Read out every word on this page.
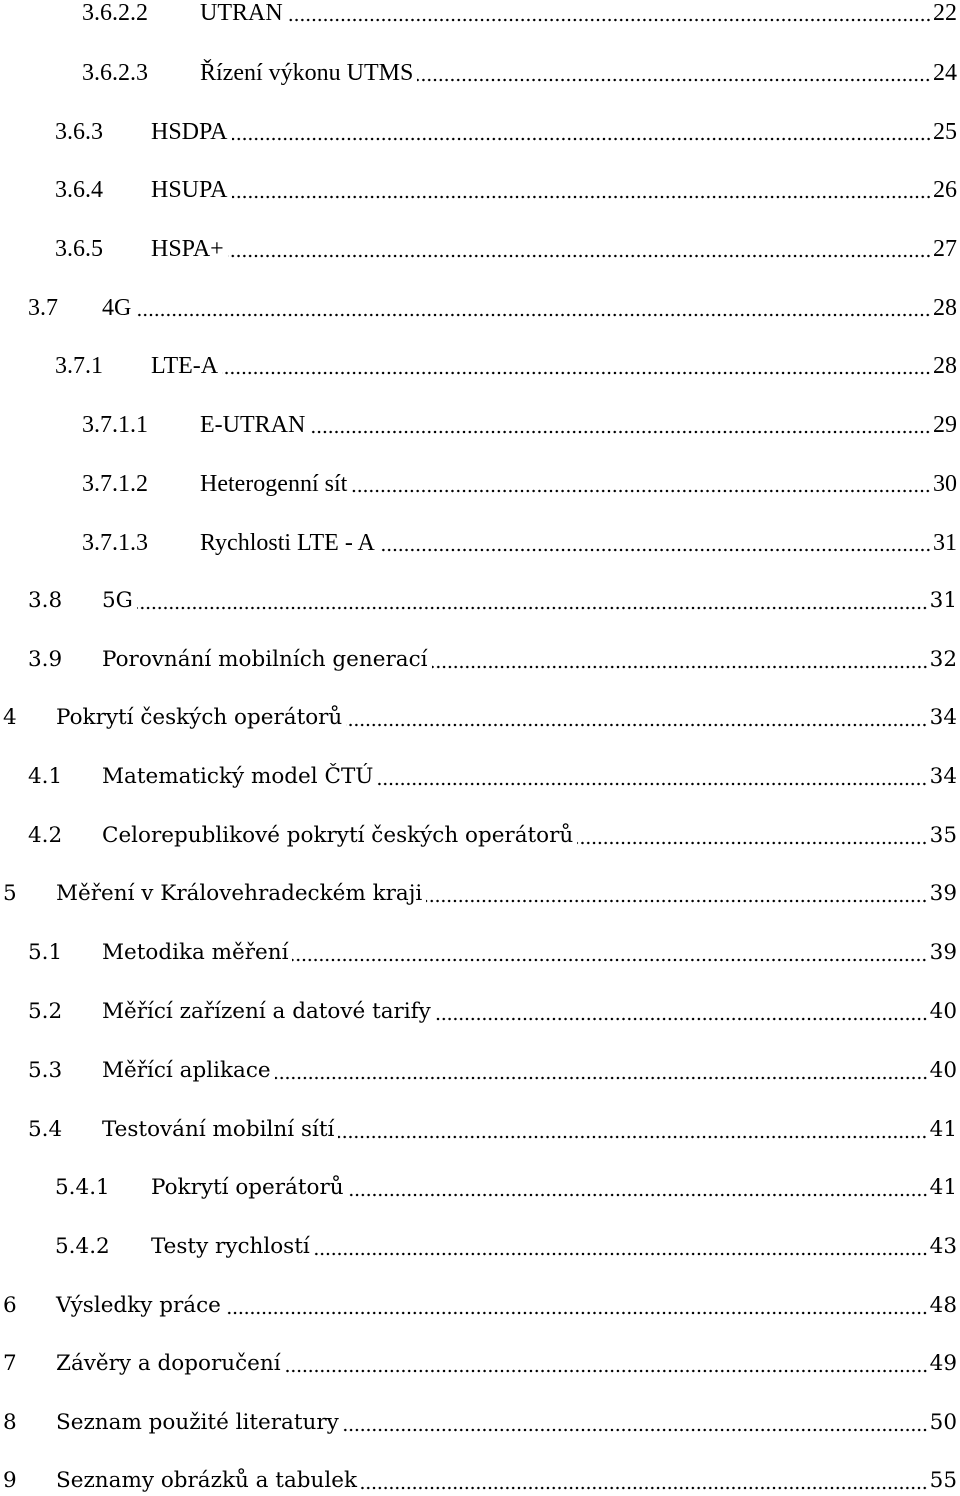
3.6.2.2 UTRAN	22
3.6.2.3 Řízení výkonu UTMS	24
3.6.3 HSDPA	25
3.6.4 HSUPA	26
3.6.5 HSPA+	27
3.7 4G	28
3.7.1 LTE-A	28
3.7.1.1 E-UTRAN	29
3.7.1.2 Heterogenní sít	30
3.7.1.3 Rychlosti LTE - A	31
3.8 5G	31
3.9 Porovnání mobilních generací	32
4 Pokrytí českých operátorů	34
4.1 Matematický model ČTÚ	34
4.2 Celorepublikové pokrytí českých operátorů	35
5 Měření v Královehradeckém kraji	39
5.1 Metodika měření	39
5.2 Měřící zařízení a datové tarify	40
5.3 Měřící aplikace	40
5.4 Testování mobilní sítí	41
5.4.1 Pokrytí operátorů	41
5.4.2 Testy rychlostí	43
6 Výsledky práce	48
7 Závěry a doporučení	49
8 Seznam použité literatury	50
9 Seznamy obrázků a tabulek	55
